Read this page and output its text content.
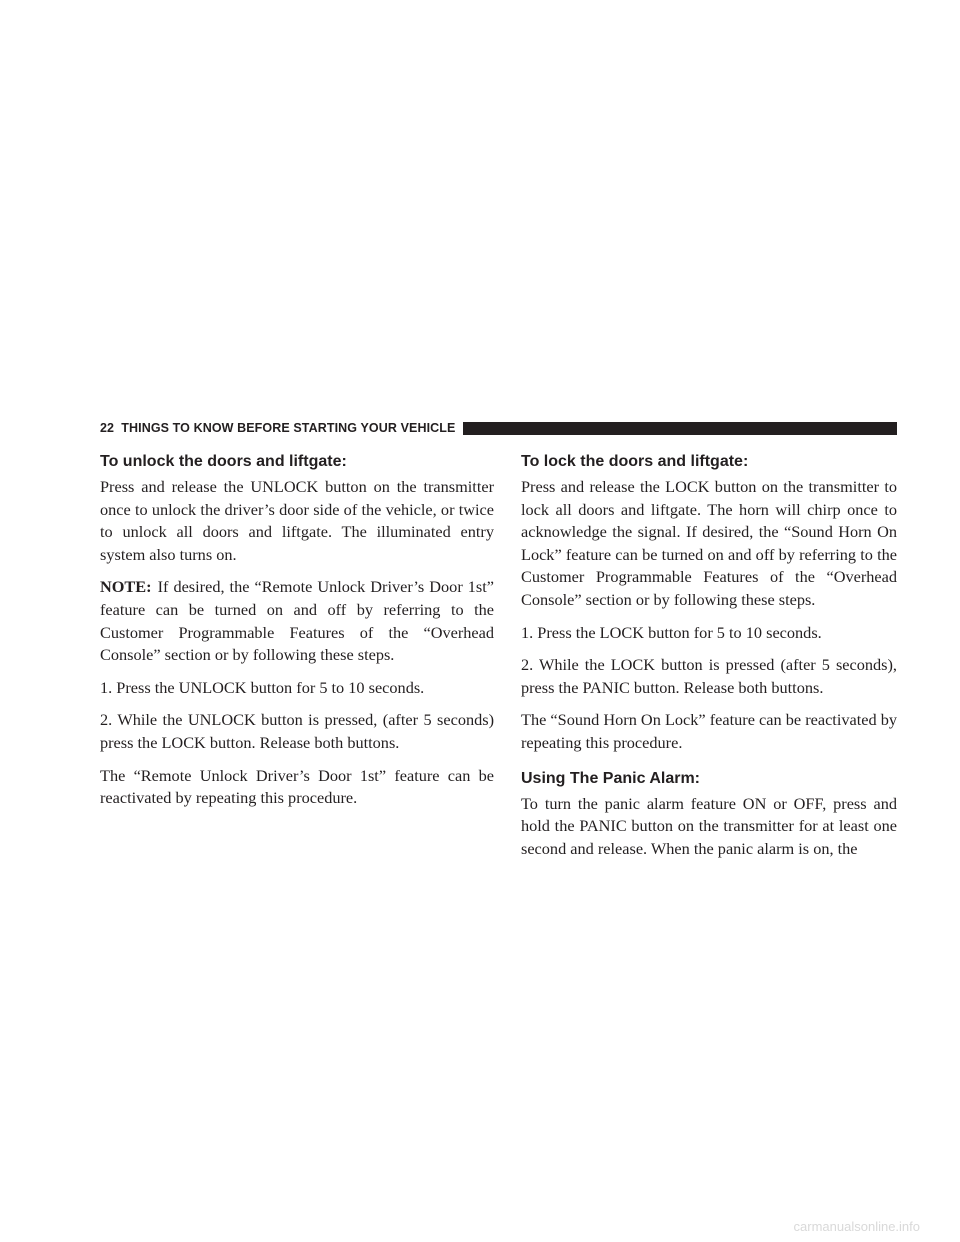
22 THINGS TO KNOW BEFORE STARTING YOUR VEHICLE
To unlock the doors and liftgate:

Press and release the UNLOCK button on the transmitter once to unlock the driver’s door side of the vehicle, or twice to unlock all doors and liftgate. The illuminated entry system also turns on.

NOTE: If desired, the “Remote Unlock Driver’s Door 1st” feature can be turned on and off by referring to the Customer Programmable Features of the “Overhead Console” section or by following these steps.

1. Press the UNLOCK button for 5 to 10 seconds.

2. While the UNLOCK button is pressed, (after 5 seconds) press the LOCK button. Release both buttons.

The “Remote Unlock Driver’s Door 1st” feature can be reactivated by repeating this procedure.

To lock the doors and liftgate:

Press and release the LOCK button on the transmitter to lock all doors and liftgate. The horn will chirp once to acknowledge the signal. If desired, the “Sound Horn On Lock” feature can be turned on and off by referring to the Customer Programmable Features of the “Overhead Console” section or by following these steps.

1. Press the LOCK button for 5 to 10 seconds.

2. While the LOCK button is pressed (after 5 seconds), press the PANIC button. Release both buttons.

The “Sound Horn On Lock” feature can be reactivated by repeating this procedure.

Using The Panic Alarm:

To turn the panic alarm feature ON or OFF, press and hold the PANIC button on the transmitter for at least one second and release. When the panic alarm is on, the

carmanualsonline.info
